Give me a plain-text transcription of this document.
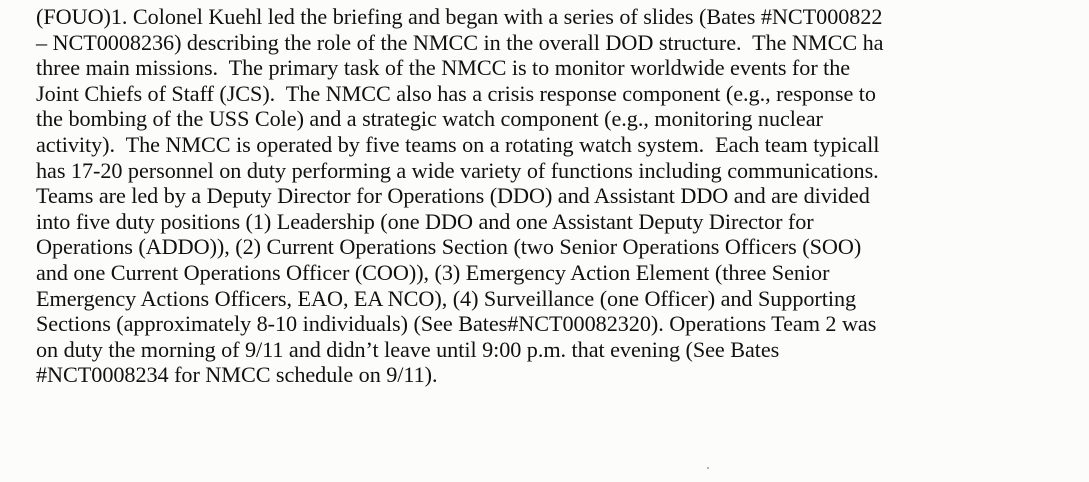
(FOUO)1. Colonel Kuehl led the briefing and began with a series of slides (Bates #NCT000822
– NCT0008236) describing the role of the NMCC in the overall DOD structure.  The NMCC ha
three main missions.  The primary task of the NMCC is to monitor worldwide events for the
Joint Chiefs of Staff (JCS).  The NMCC also has a crisis response component (e.g., response to
the bombing of the USS Cole) and a strategic watch component (e.g., monitoring nuclear
activity).  The NMCC is operated by five teams on a rotating watch system.  Each team typicall
has 17-20 personnel on duty performing a wide variety of functions including communications.
Teams are led by a Deputy Director for Operations (DDO) and Assistant DDO and are divided
into five duty positions (1) Leadership (one DDO and one Assistant Deputy Director for
Operations (ADDO)), (2) Current Operations Section (two Senior Operations Officers (SOO)
and one Current Operations Officer (COO)), (3) Emergency Action Element (three Senior
Emergency Actions Officers, EAO, EA NCO), (4) Surveillance (one Officer) and Supporting
Sections (approximately 8-10 individuals) (See Bates#NCT00082320). Operations Team 2 was
on duty the morning of 9/11 and didn’t leave until 9:00 p.m. that evening (See Bates
#NCT0008234 for NMCC schedule on 9/11).
